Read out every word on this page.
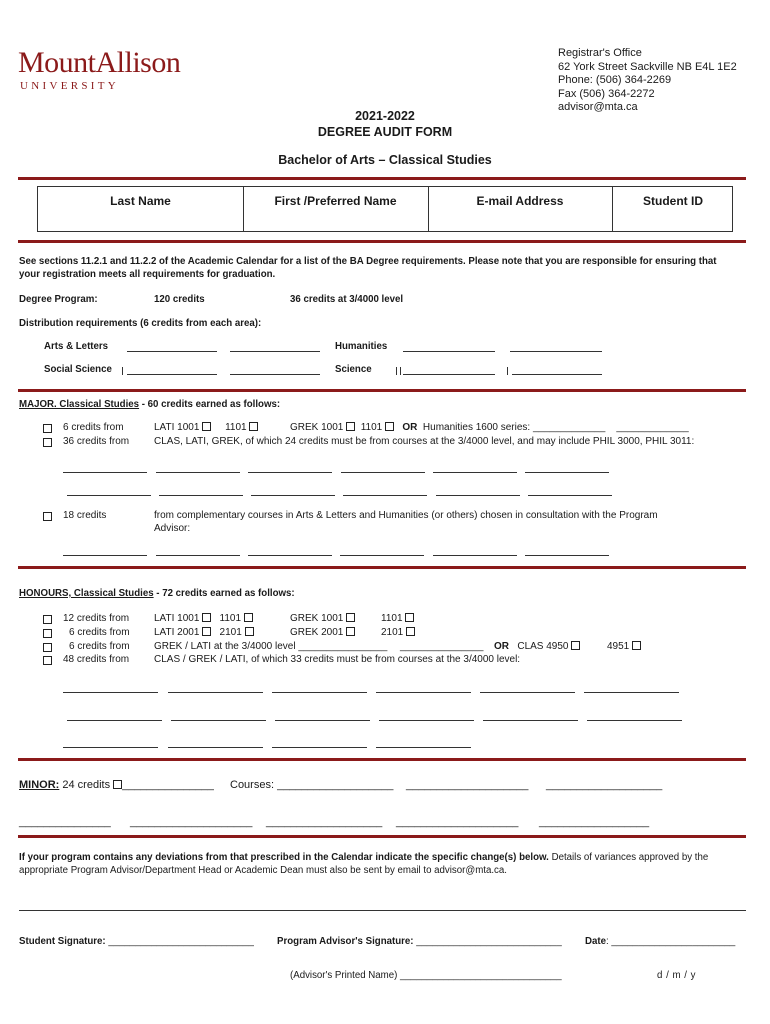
MountAllison
UNIVERSITY
Registrar's Office
62 York Street Sackville NB E4L 1E2
Phone: (506) 364-2269
Fax (506) 364-2272
advisor@mta.ca
2021-2022
DEGREE AUDIT FORM
Bachelor of Arts – Classical Studies
Last Name	First /Preferred Name	E-mail Address	Student ID
See sections 11.2.1 and 11.2.2 of the Academic Calendar for a list of the BA Degree requirements. Please note that you are responsible for ensuring that
your registration meets all requirements for graduation.
Degree Program:	120 credits	36 credits at 3/4000 level
Distribution requirements (6 credits from each area):
Arts & Letters	Humanities
Social Science	Science
MAJOR. Classical Studies - 60 credits earned as follows:
6 credits from	LATI 1001	1101	GREK 1001 1101 OR Humanities 1600 series: _____________ _____________
36 credits from CLAS, LATI, GREK, of which 24 credits must be from courses at the 3/4000 level, and may include PHIL 3000, PHIL 3011:
18 credits	from complementary courses in Arts & Letters and Humanities (or others) chosen in consultation with the Program
Advisor:
HONOURS, Classical Studies - 72 credits earned as follows:
12 credits from LATI 1001 1101	GREK 1001	1101
6 credits from LATI 2001 2101	GREK 2001	2101
6 credits from GREK / LATI at the 3/4000 level ________________ _______________ OR CLAS 4950	4951
48 credits from CLAS / GREK / LATI, of which 33 credits must be from courses at the 3/4000 level:
MINOR: 24 credits _______________ Courses: ___________________ ____________________ ___________________
_______________ ____________________ ___________________ ____________________ __________________
If your program contains any deviations from that prescribed in the Calendar indicate the specific change(s) below. Details of variances approved by the
appropriate Program Advisor/Department Head or Academic Dean must also be sent by email to advisor@mta.ca.
Student Signature: ___________________________ Program Advisor's Signature: ___________________________ Date: _______________________
(Advisor's Printed Name) ______________________________	d / m / y
